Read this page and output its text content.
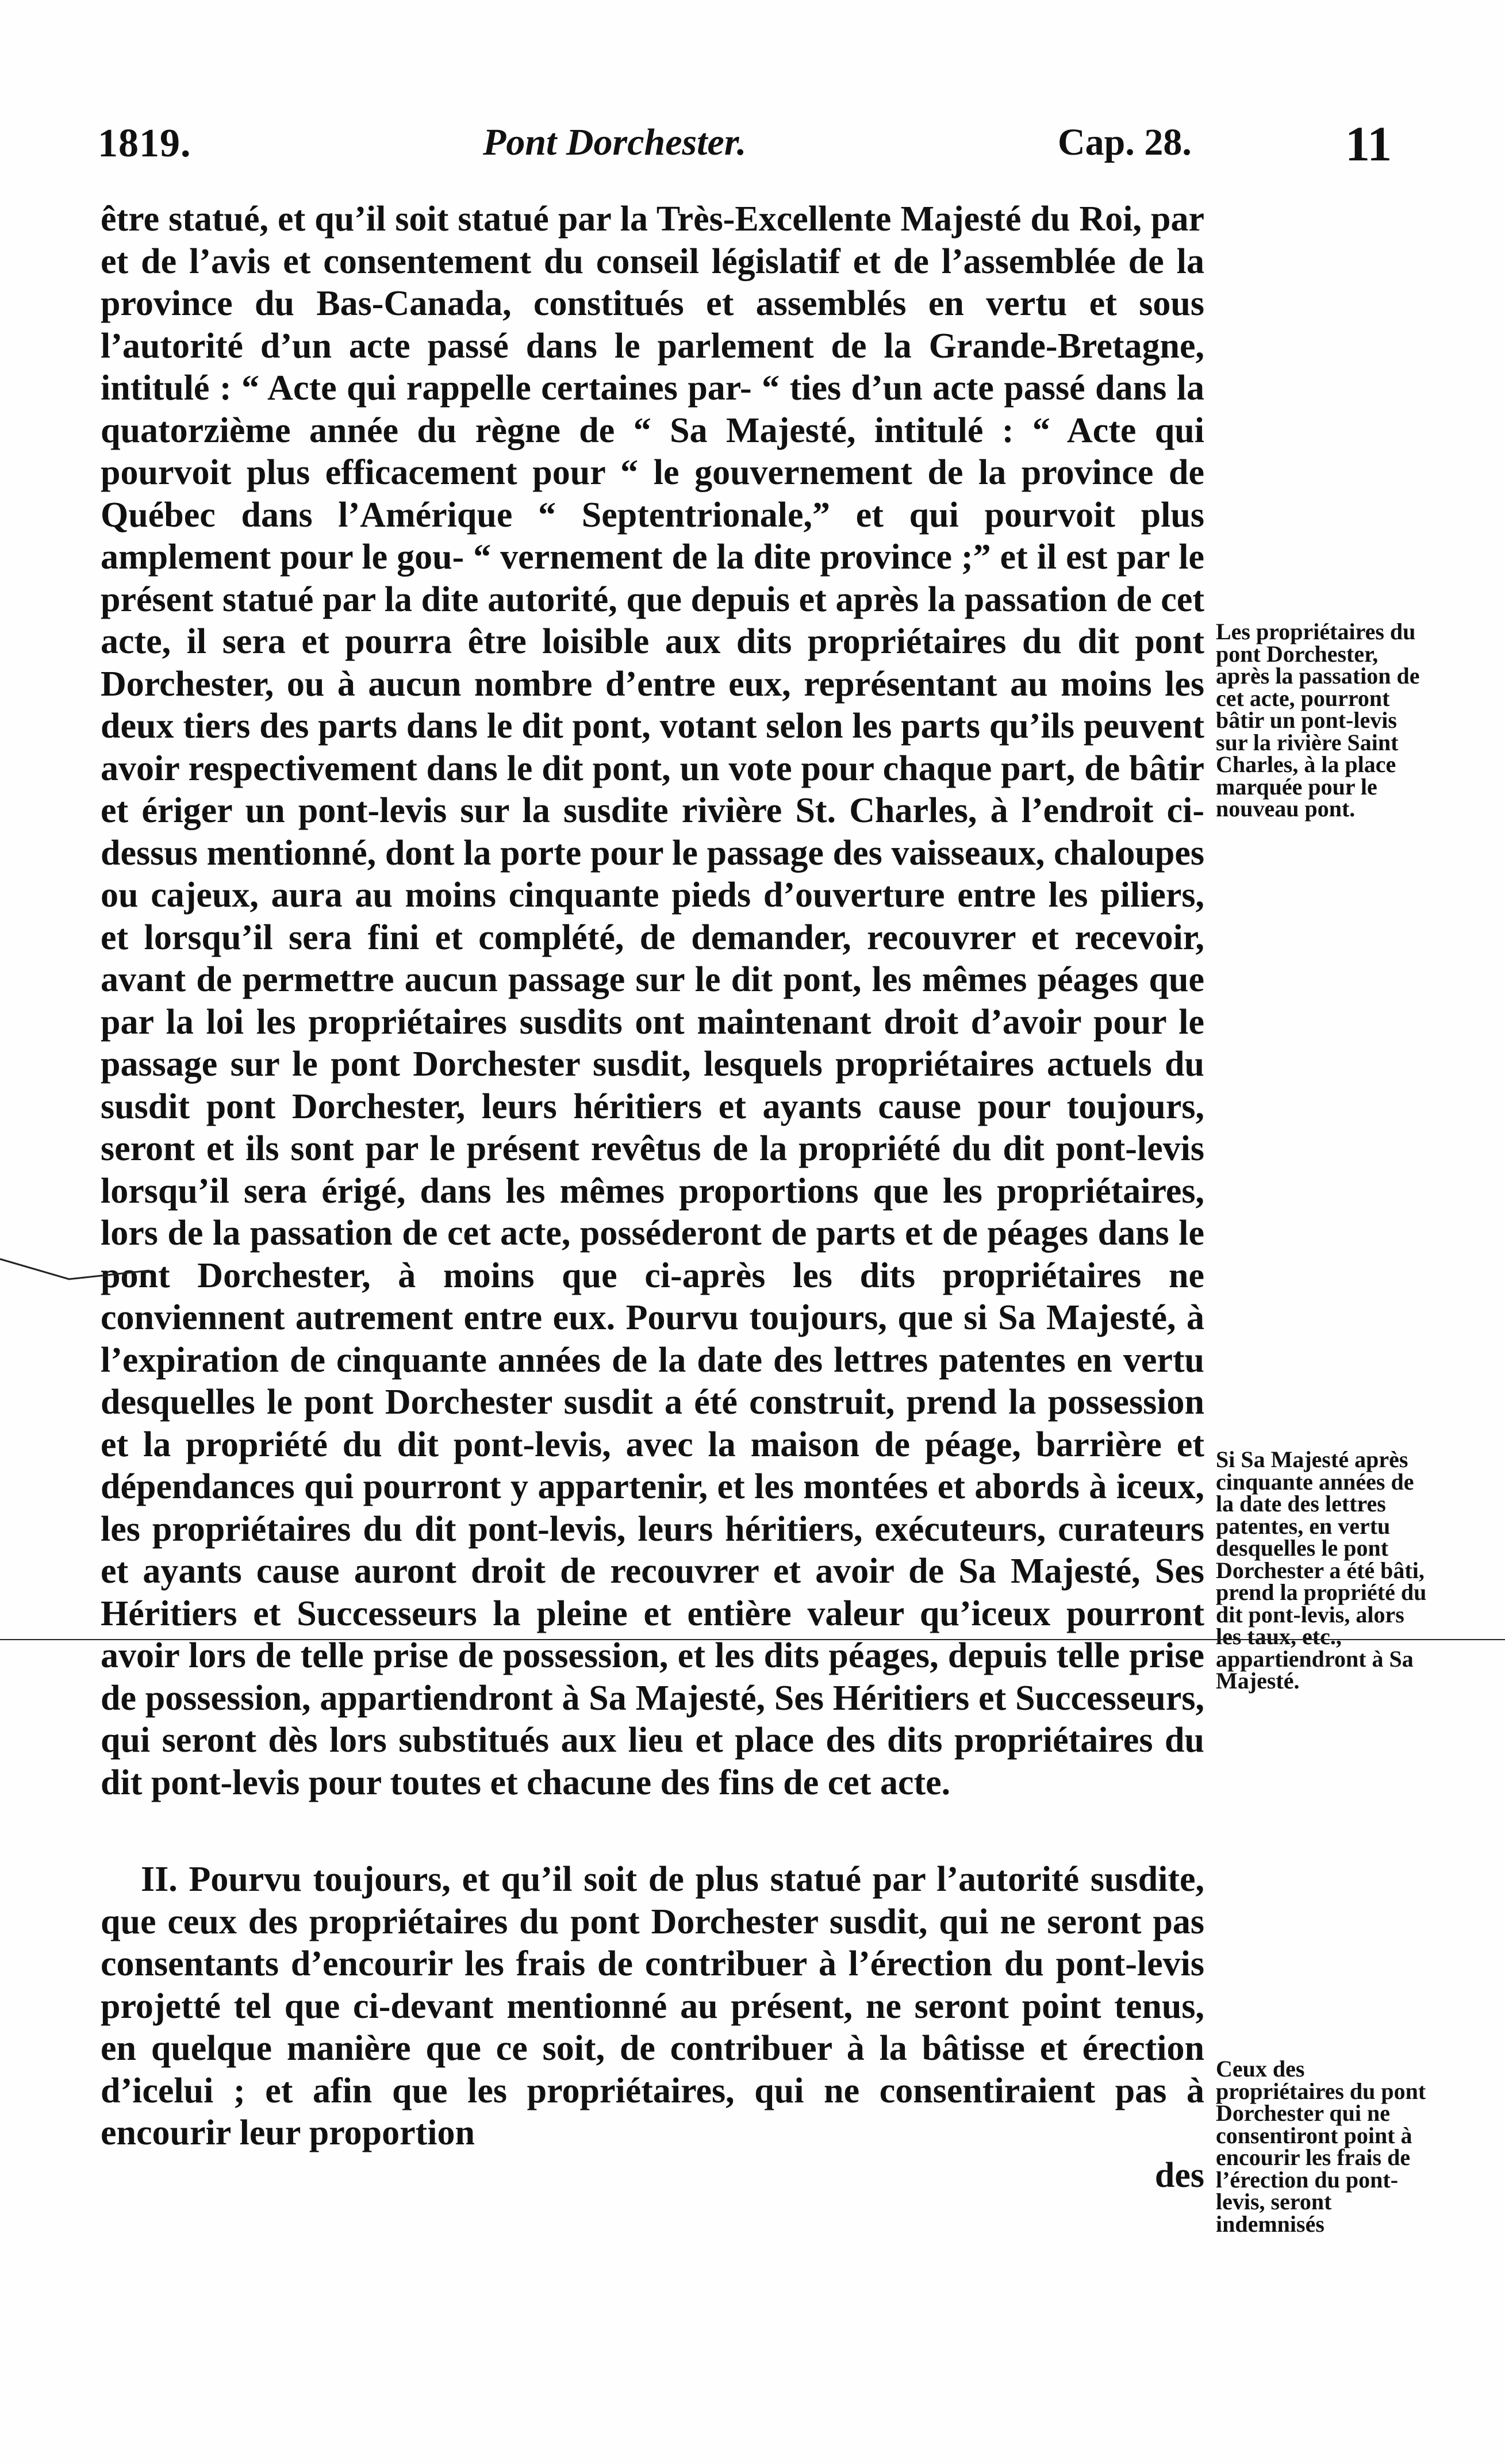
1819.	Pont Dorchester.	Cap. 28.	11

être statué, et qu’il soit statué par la Très-Excellente Majesté du Roi, par et de l’avis et consentement du conseil législatif et de l’assemblée de la province du Bas-Canada, constitués et assemblés en vertu et sous l’autorité d’un acte passé dans le parlement de la Grande-Bretagne, intitulé : “ Acte qui rappelle certaines par- “ ties d’un acte passé dans la quatorzième année du règne de “ Sa Majesté, intitulé : “ Acte qui pourvoit plus efficacement pour “ le gouvernement de la province de Québec dans l’Amérique “ Septentrionale,” et qui pourvoit plus amplement pour le gou- “ vernement de la dite province ;” et il est par le présent statué par la dite autorité, que depuis et après la passation de cet acte, il sera et pourra être loisible aux dits propriétaires du dit pont Dorchester, ou à aucun nombre d’entre eux, représentant au moins les deux tiers des parts dans le dit pont, votant selon les parts qu’ils peuvent avoir respectivement dans le dit pont, un vote pour chaque part, de bâtir et ériger un pont-levis sur la susdite rivière St. Charles, à l’endroit ci-dessus mentionné, dont la porte pour le passage des vaisseaux, chaloupes ou cajeux, aura au moins cinquante pieds d’ouverture entre les piliers, et lorsqu’il sera fini et complété, de demander, recouvrer et recevoir, avant de permettre aucun passage sur le dit pont, les mêmes péages que par la loi les propriétaires susdits ont maintenant droit d’avoir pour le passage sur le pont Dorchester susdit, lesquels propriétaires actuels du susdit pont Dorchester, leurs héritiers et ayants cause pour toujours, seront et ils sont par le présent revêtus de la propriété du dit pont-levis lorsqu’il sera érigé, dans les mêmes proportions que les propriétaires, lors de la passation de cet acte, posséderont de parts et de péages dans le pont Dorchester, à moins que ci-après les dits propriétaires ne conviennent autrement entre eux. Pourvu toujours, que si Sa Majesté, à l’expiration de cinquante années de la date des lettres patentes en vertu desquelles le pont Dorchester susdit a été construit, prend la possession et la propriété du dit pont-levis, avec la maison de péage, barrière et dépendances qui pourront y appartenir, et les montées et abords à iceux, les propriétaires du dit pont-levis, leurs héritiers, exécuteurs, curateurs et ayants cause auront droit de recouvrer et avoir de Sa Majesté, Ses Héritiers et Successeurs la pleine et entière valeur qu’iceux pourront avoir lors de telle prise de possession, et les dits péages, depuis telle prise de possession, appartiendront à Sa Majesté, Ses Héritiers et Successeurs, qui seront dès lors substitués aux lieu et place des dits propriétaires du dit pont-levis pour toutes et chacune des fins de cet acte.

II. Pourvu toujours, et qu’il soit de plus statué par l’autorité susdite, que ceux des propriétaires du pont Dorchester susdit, qui ne seront pas consentants d’encourir les frais de contribuer à l’érection du pont-levis projetté tel que ci-devant mentionné au présent, ne seront point tenus, en quelque manière que ce soit, de contribuer à la bâtisse et érection d’icelui ; et afin que les propriétaires, qui ne consentiraient pas à encourir leur proportion

des

Les propriétaires du pont Dorchester, après la passation de cet acte, pourront bâtir un pont-levis sur la rivière Saint Charles, à la place marquée pour le nouveau pont.
Si Sa Majesté après cinquante années de la date des lettres patentes, en vertu desquelles le pont Dorchester a été bâti, prend la propriété du dit pont-levis, alors les taux, etc., appartiendront à Sa Majesté.
Ceux des propriétaires du pont Dorchester qui ne consentiront point à encourir les frais de l’érection du pont-levis, seront indemnisés
